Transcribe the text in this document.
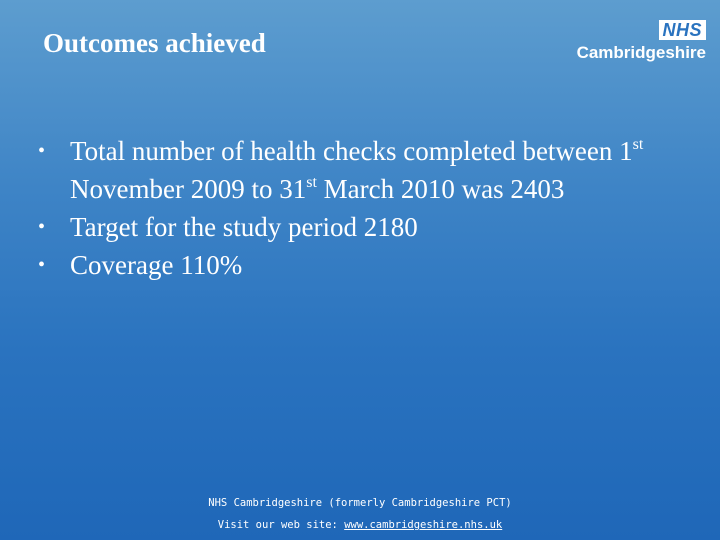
Outcomes achieved	NHS
Cambridgeshire
• Total number of health checks completed between 1st November 2009 to 31st March 2010 was 2403
• Target for the study period 2180
• Coverage 110%
NHS Cambridgeshire (formerly Cambridgeshire PCT)
Visit our web site: www.cambridgeshire.nhs.uk
